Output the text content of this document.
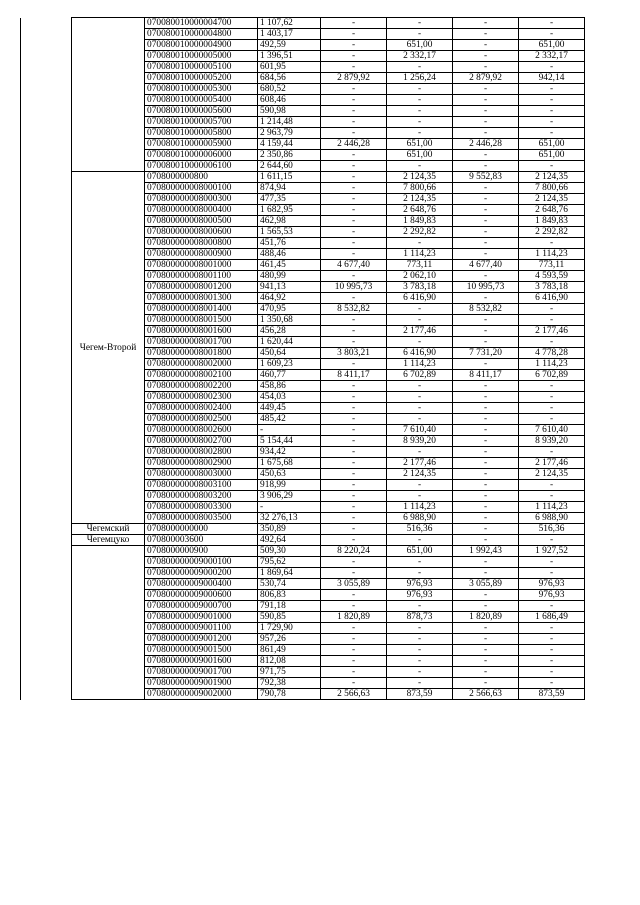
		070080010000004700	1 107,62	-	-	-	-
		070080010000004800	1 403,17	-	-	-	-
		070080010000004900	492,59	-	651,00	-	651,00
		070080010000005000	1 396,51	-	2 332,17	-	2 332,17
		070080010000005100	601,95	-	-	-	-
		070080010000005200	684,56	2 879,92	1 256,24	2 879,92	942,14
		070080010000005300	680,52	-	-	-	-
		070080010000005400	608,46	-	-	-	-
		070080010000005600	590,98	-	-	-	-
		070080010000005700	1 214,48	-	-	-	-
		070080010000005800	2 963,79	-	-	-	-
		070080010000005900	4 159,44	2 446,28	651,00	2 446,28	651,00
		070080010000006000	2 350,86	-	651,00	-	651,00
		070080010000006100	2 644,60	-	-	-	-
	Чегем-Второй	0708000000800	1 611,15	-	2 124,35	9 552,83	2 124,35
		070800000008000100	874,94	-	7 800,66	-	7 800,66
		070800000008000300	477,35	-	2 124,35	-	2 124,35
		070800000008000400	1 682,95	-	2 648,76	-	2 648,76
		070800000008000500	462,98	-	1 849,83	-	1 849,83
		070800000008000600	1 565,53	-	2 292,82	-	2 292,82
		070800000008000800	451,76	-	-	-	-
		070800000008000900	488,46	-	1 114,23	-	1 114,23
		070800000008001000	461,45	4 677,40	773,11	4 677,40	773,11
		070800000008001100	480,99	-	2 062,10	-	4 593,59
		070800000008001200	941,13	10 995,73	3 783,18	10 995,73	3 783,18
		070800000008001300	464,92	-	6 416,90	-	6 416,90
		070800000008001400	470,95	8 532,82	-	8 532,82	-
		070800000008001500	1 350,68	-	-	-	-
		070800000008001600	456,28	-	2 177,46	-	2 177,46
		070800000008001700	1 620,44	-	-	-	-
		070800000008001800	450,64	3 803,21	6 416,90	7 731,20	4 778,28
		070800000008002000	1 609,23	-	1 114,23	-	1 114,23
		070800000008002100	460,77	8 411,17	6 702,89	8 411,17	6 702,89
		070800000008002200	458,86	-	-	-	-
		070800000008002300	454,03	-	-	-	-
		070800000008002400	449,45	-	-	-	-
		070800000008002500	485,42	-	-	-	-
		070800000008002600	-	-	7 610,40	-	7 610,40
		070800000008002700	5 154,44	-	8 939,20	-	8 939,20
		070800000008002800	934,42	-	-	-	-
		070800000008002900	1 675,68	-	2 177,46	-	2 177,46
		070800000008003000	450,63	-	2 124,35	-	2 124,35
		070800000008003100	918,99	-	-	-	-
		070800000008003200	3 906,29	-	-	-	-
		070800000008003300	-	-	1 114,23	-	1 114,23
		070800000008003500	32 276,13	-	6 988,90	-	6 988,90
	Чегемский	0708000000000	350,89	-	516,36	-	516,36
	Чегемцуко	070800003600	492,64	-	-	-	-
		0708000000900	509,30	8 220,24	651,00	1 992,43	1 927,52
		070800000009000100	795,62	-	-	-	-
		070800000009000200	1 869,64	-	-	-	-
		070800000009000400	530,74	3 055,89	976,93	3 055,89	976,93
		070800000009000600	806,83	-	976,93	-	976,93
		070800000009000700	791,18	-	-	-	-
		070800000009001000	590,85	1 820,89	878,73	1 820,89	1 686,49
		070800000009001100	1 729,90	-	-	-	-
		070800000009001200	957,26	-	-	-	-
		070800000009001500	861,49	-	-	-	-
		070800000009001600	812,08	-	-	-	-
		070800000009001700	971,75	-	-	-	-
		070800000009001900	792,38	-	-	-	-
		070800000009002000	790,78	2 566,63	873,59	2 566,63	873,59
